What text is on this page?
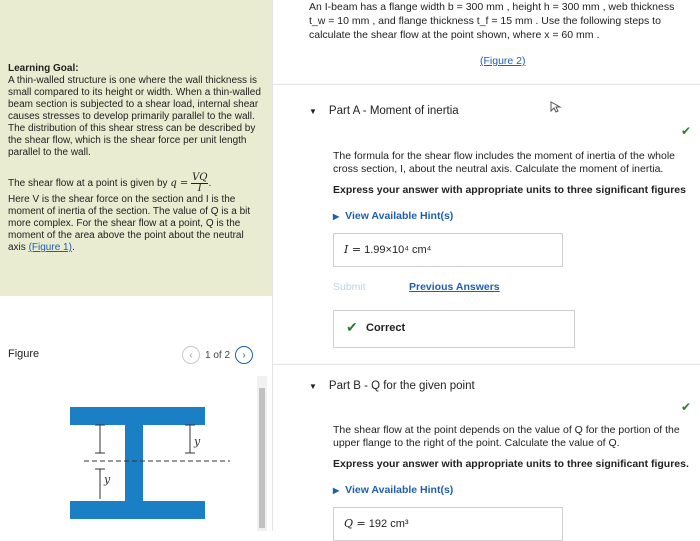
Learning Goal:
A thin-walled structure is one where the wall thickness is small compared to its height or width. When a thin-walled beam section is subjected to a shear load, internal shear causes stresses to develop primarily parallel to the wall. The distribution of this shear stress can be described by the shear flow, which is the shear force per unit length parallel to the wall.
The shear flow at a point is given by $q = \frac{VQ}{I}$ .
Here V is the shear force on the section and I is the moment of inertia of the section. The value of Q is a bit more complex. For the shear flow at a point, Q is the moment of the area above the point about the neutral axis (Figure 1).
Figure	‹	1 of 2	›
y
y
An I-beam has a flange width b = 300 mm , height h = 300 mm , web thickness
t_w = 10 mm , and flange thickness t_f = 15 mm . Use the following steps to
calculate the shear flow at the point shown, where x = 60 mm .
(Figure 2)
▼ Part A - Moment of inertia
✔
The formula for the shear flow includes the moment of inertia of the whole cross section, I, about the neutral axis. Calculate the moment of inertia.
Express your answer with appropriate units to three significant figures
▶ View Available Hint(s)
I = 1.99×10⁴ cm⁴
Submit	Previous Answers
✔ Correct
▼ Part B - Q for the given point
✔
The shear flow at the point depends on the value of Q for the portion of the upper flange to the right of the point. Calculate the value of Q.
Express your answer with appropriate units to three significant figures.
▶ View Available Hint(s)
Q = 192 cm³
